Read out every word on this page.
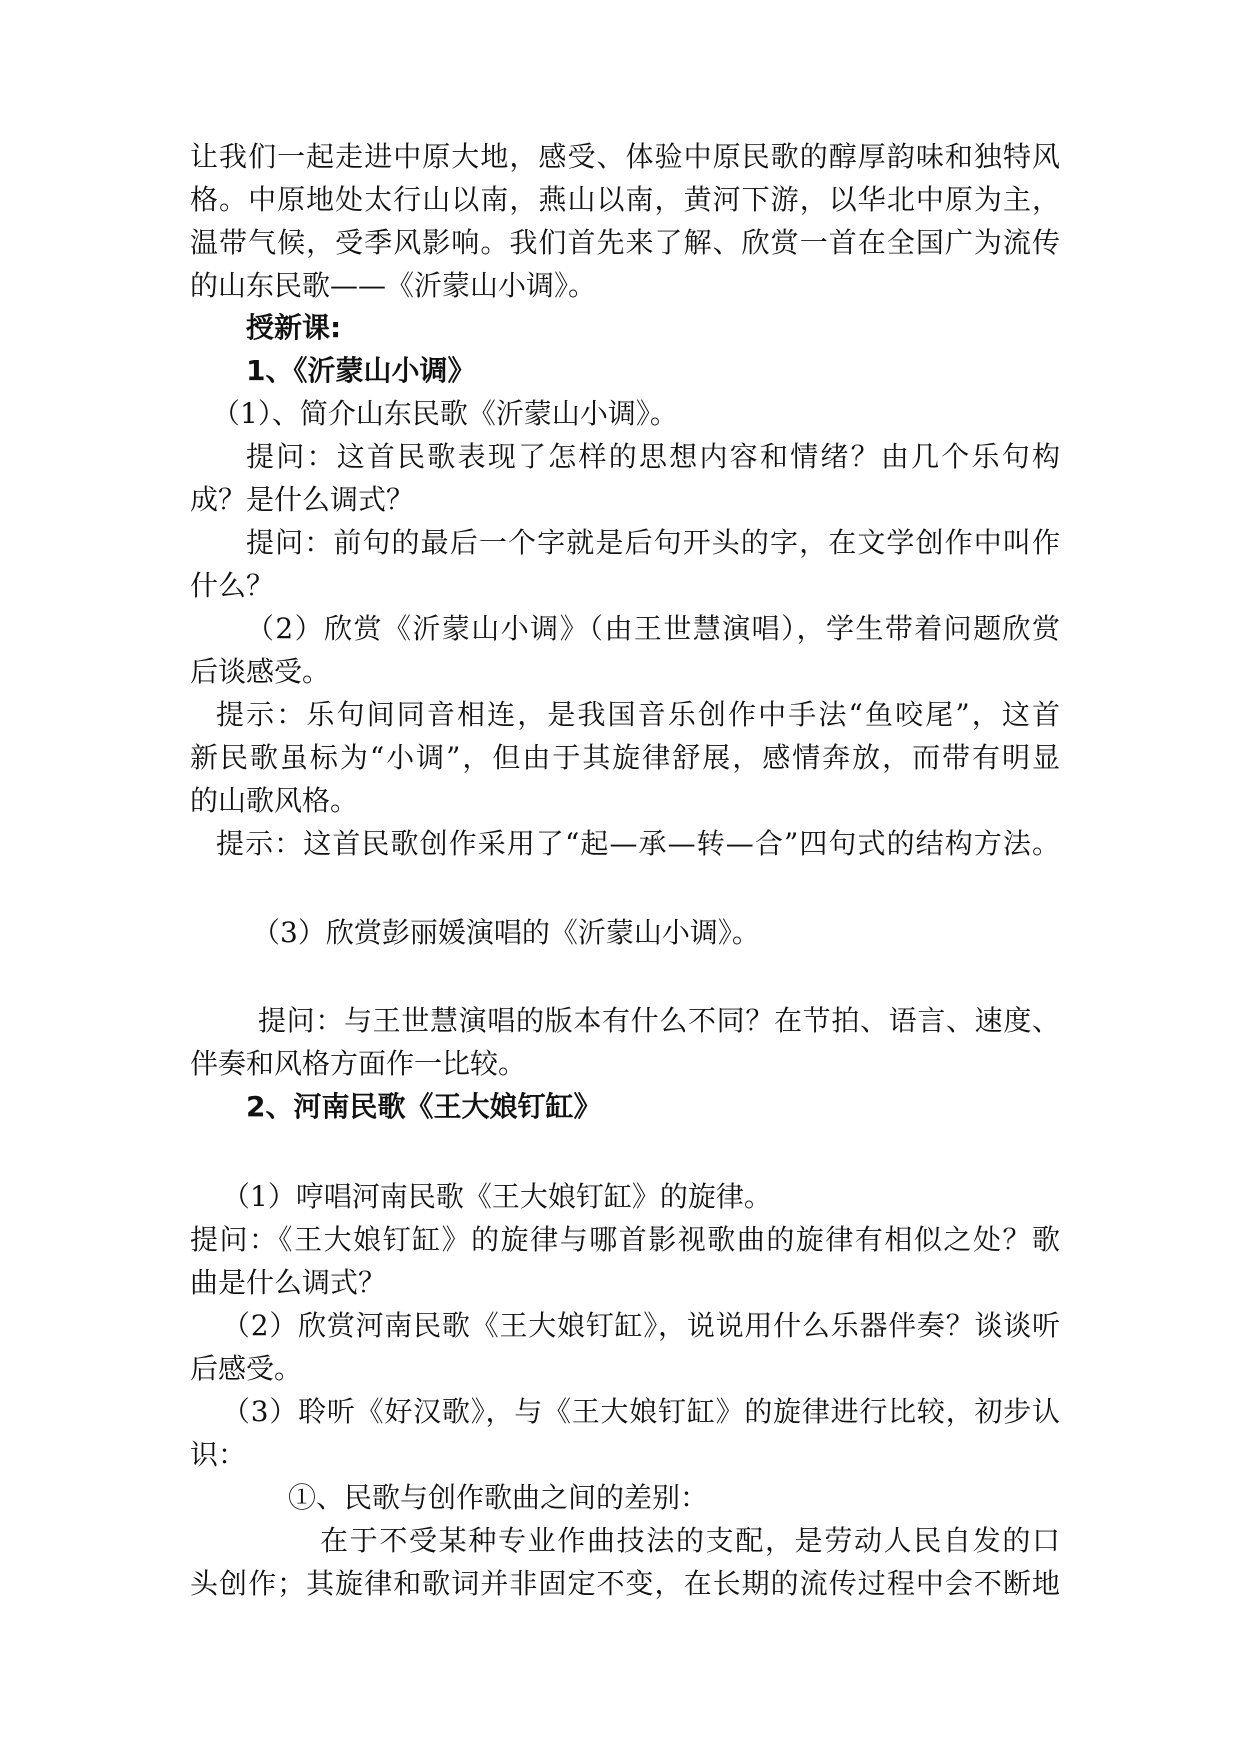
让我们一起走进中原大地，感受、体验中原民歌的醇厚韵味和独特风
格。中原地处太行山以南，燕山以南，黄河下游，以华北中原为主，
温带气候，受季风影响。我们首先来了解、欣赏一首在全国广为流传
的山东民歌——《沂蒙山小调》。
授新课:
1、《沂蒙山小调》
（1）、简介山东民歌《沂蒙山小调》。
提问：这首民歌表现了怎样的思想内容和情绪？由几个乐句构
成？是什么调式？
提问：前句的最后一个字就是后句开头的字，在文学创作中叫作
什么？
（2）欣赏《沂蒙山小调》（由王世慧演唱），学生带着问题欣赏
后谈感受。
提示：乐句间同音相连，是我国音乐创作中手法“鱼咬尾”，这首
新民歌虽标为“小调”，但由于其旋律舒展，感情奔放，而带有明显
的山歌风格。
提示：这首民歌创作采用了“起—承—转—合”四句式的结构方法。
（3）欣赏彭丽媛演唱的《沂蒙山小调》。
提问：与王世慧演唱的版本有什么不同？在节拍、语言、速度、
伴奏和风格方面作一比较。
2、河南民歌《王大娘钉缸》
（1）哼唱河南民歌《王大娘钉缸》的旋律。
提问：《王大娘钉缸》的旋律与哪首影视歌曲的旋律有相似之处？歌
曲是什么调式？
（2）欣赏河南民歌《王大娘钉缸》，说说用什么乐器伴奏？谈谈听
后感受。
（3）聆听《好汉歌》，与《王大娘钉缸》的旋律进行比较，初步认
识：
①、民歌与创作歌曲之间的差别：
在于不受某种专业作曲技法的支配，是劳动人民自发的口
头创作；其旋律和歌词并非固定不变，在长期的流传过程中会不断地
